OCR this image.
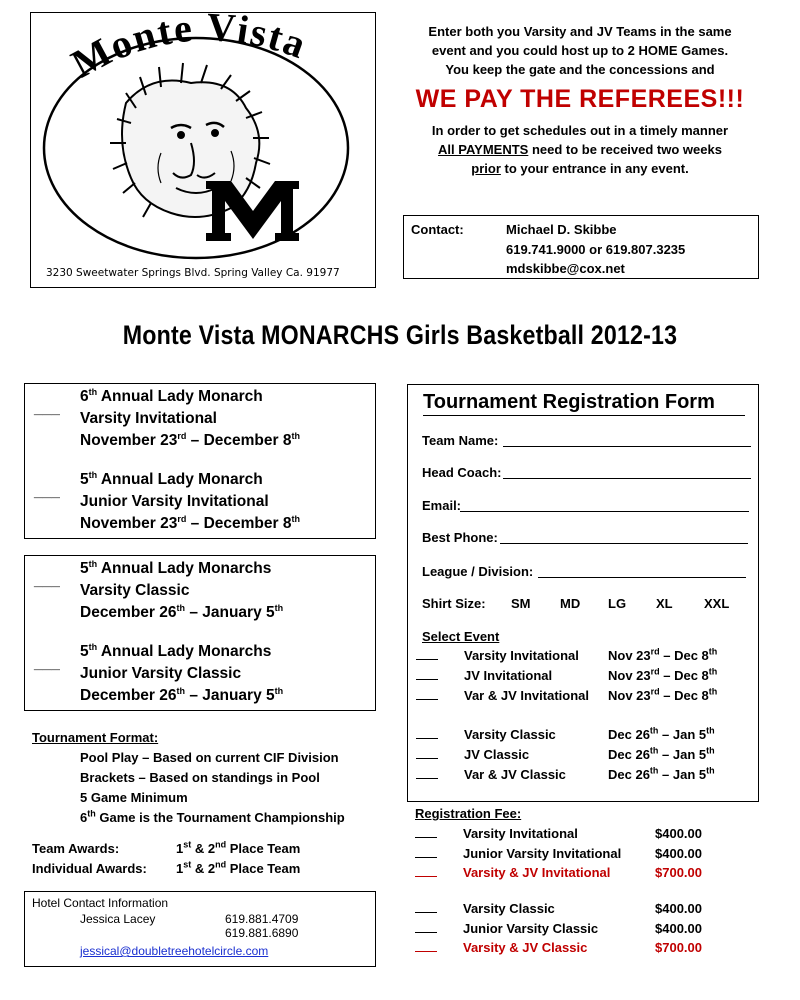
Monte Vista
3230 Sweetwater Springs Blvd. Spring Valley Ca. 91977
Enter both you Varsity and JV Teams in the same
event and you could host up to 2 HOME Games.
You keep the gate and the concessions and
WE PAY THE REFEREES!!!
In order to get schedules out in a timely manner
All PAYMENTS need to be received two weeks
prior to your entrance in any event.
Contact:	Michael D. Skibbe
619.741.9000 or 619.807.3235
mdskibbe@cox.net
Monte Vista MONARCHS Girls Basketball 2012-13
___
6th Annual Lady Monarch
Varsity Invitational
November 23rd – December 8th
___
5th Annual Lady Monarch
Junior Varsity Invitational
November 23rd – December 8th
___
5th Annual Lady Monarchs
Varsity Classic
December 26th – January 5th
___
5th Annual Lady Monarchs
Junior Varsity Classic
December 26th – January 5th
Tournament Format:
Pool Play – Based on current CIF Division
Brackets – Based on standings in Pool
5 Game Minimum
6th Game is the Tournament Championship
Team Awards:	1st & 2nd Place Team
Individual Awards: 1st & 2nd Place Team
Hotel Contact Information
Jessica Lacey	619.881.4709
619.881.6890
jessical@doubletreehotelcircle.com
Tournament Registration Form
Team Name:
Head Coach:
Email:
Best Phone:
League / Division:
Shirt Size: SM MD LG XL XXL
Select Event
Varsity Invitational Nov 23rd – Dec 8th
JV Invitational	Nov 23rd – Dec 8th
Var & JV Invitational Nov 23rd – Dec 8th
Varsity Classic	Dec 26th – Jan 5th
JV Classic	Dec 26th – Jan 5th
Var & JV Classic	Dec 26th – Jan 5th
Registration Fee:
Varsity Invitational	$400.00
Junior Varsity Invitational	$400.00
Varsity & JV Invitational	$700.00
Varsity Classic	$400.00
Junior Varsity Classic	$400.00
Varsity & JV Classic	$700.00
